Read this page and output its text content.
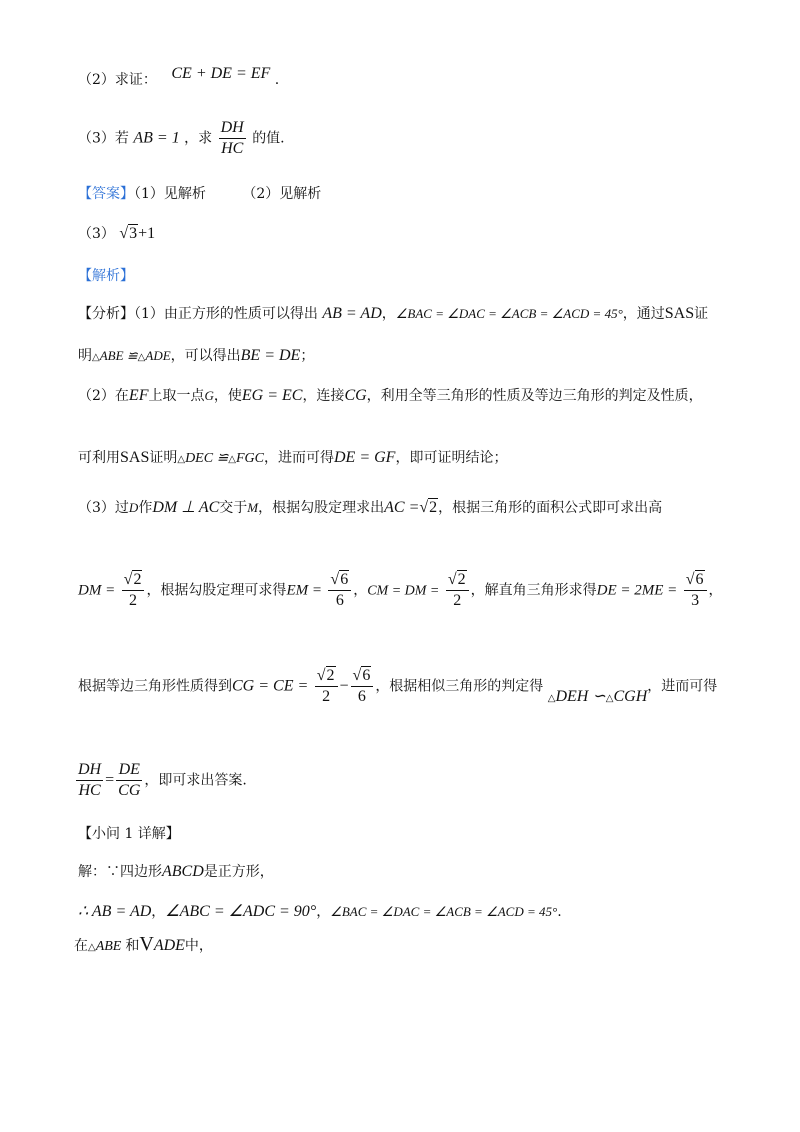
（2）求证： CE + DE = EF .
（3）若 AB = 1 ，求 $\frac{DH}{HC}$ 的值.
【答案】（1）见解析	（2）见解析
（3） √3+1
【解析】
【分析】（1）由正方形的性质可以得出 AB = AD，∠BAC = ∠DAC = ∠ACB = ∠ACD = 45°，通过SAS证
明△ABE ≌△ADE，可以得出BE = DE；
（2）在EF上取一点G，使EG = EC，连接CG，利用全等三角形的性质及等边三角形的判定及性质，
可利用SAS证明△DEC ≌△FGC，进而可得DE = GF，即可证明结论；
（3）过D作DM ⊥ AC交于M，根据勾股定理求出AC =√2，根据三角形的面积公式即可求出高
DM = $\frac{√2}{2}$ ，根据勾股定理可求得EM = $\frac{√6}{6}$ ，CM = DM = $\frac{√2}{2}$ ，解直角三角形求得DE = $2ME = \frac{√6}{3}$ ，
根据等边三角形性质得到CG = CE = $\frac{√2}{2} - \frac{√6}{6}$ ，根据相似三角形的判定得 △DEH ∽△CGH，进而可得
$\frac{DH}{HC} = \frac{DE}{CG}$ ，即可求出答案.
【小问 1 详解】
解：∵四边形ABCD是正方形，
∴ AB = AD，∠ABC = ∠ADC = 90°，∠BAC = ∠DAC = ∠ACB = ∠ACD = 45°.
在△ABE 和VADE中，
